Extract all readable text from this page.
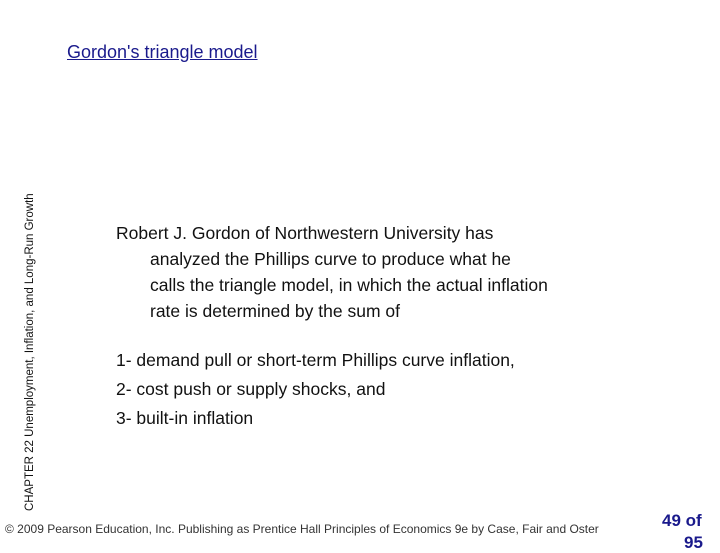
Gordon's triangle model
CHAPTER 22 Unemployment, Inflation, and Long-Run Growth	Robert J. Gordon of Northwestern University has
analyzed the Phillips curve to produce what he
calls the triangle model, in which the actual inflation
rate is determined by the sum of
1- demand pull or short-term Phillips curve inflation,
2- cost push or supply shocks, and
3- built-in inflation
© 2009 Pearson Education, Inc. Publishing as Prentice Hall Principles of Economics 9e by Case, Fair and Oster	49 of
95
